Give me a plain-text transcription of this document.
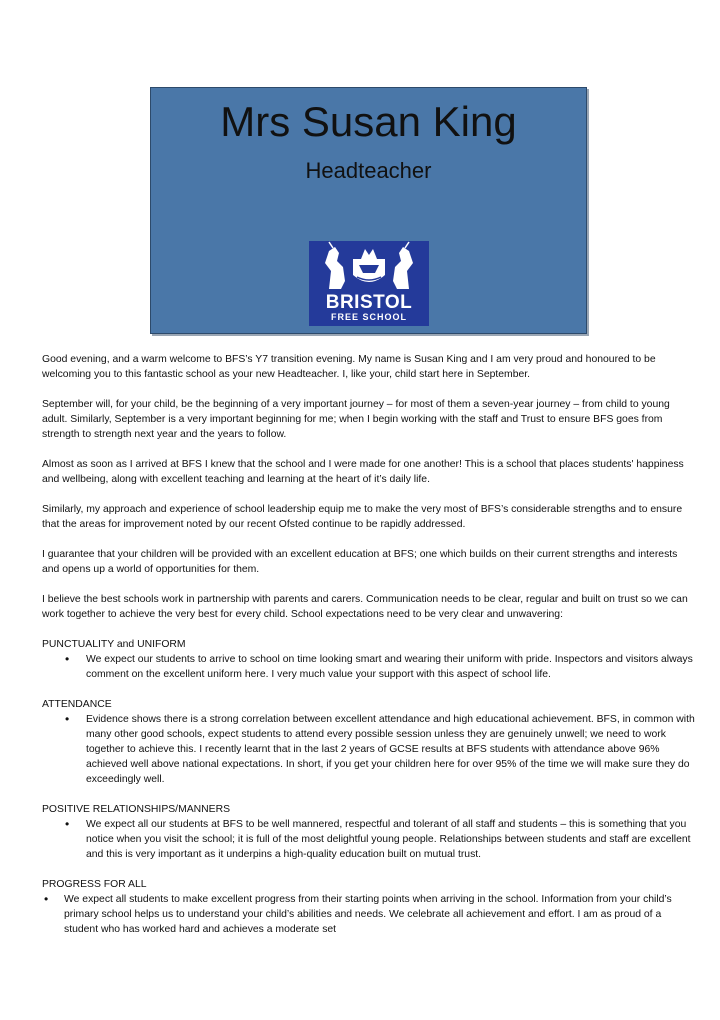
Mrs Susan King
Headteacher
BRISTOL
FREE SCHOOL

Good evening, and a warm welcome to BFS’s Y7 transition evening. My name is Susan King and I am very proud and honoured to be welcoming you to this fantastic school as your new Headteacher. I, like your, child start here in September.

September will, for your child, be the beginning of a very important journey – for most of them a seven-year journey – from child to young adult. Similarly, September is a very important beginning for me; when I begin working with the staff and Trust to ensure BFS goes from strength to strength next year and the years to follow.

Almost as soon as I arrived at BFS I knew that the school and I were made for one another! This is a school that places students' happiness and wellbeing, along with excellent teaching and learning at the heart of it’s daily life.

Similarly, my approach and experience of school leadership equip me to make the very most of BFS’s considerable strengths and to ensure that the areas for improvement noted by our recent Ofsted continue to be rapidly addressed.

I guarantee that your children will be provided with an excellent education at BFS; one which builds on their current strengths and interests and opens up a world of opportunities for them.

I believe the best schools work in partnership with parents and carers. Communication needs to be clear, regular and built on trust so we can work together to achieve the very best for every child. School expectations need to be very clear and unwavering:

PUNCTUALITY and UNIFORM

• We expect our students to arrive to school on time looking smart and wearing their uniform with pride. Inspectors and visitors always comment on the excellent uniform here. I very much value your support with this aspect of school life.

ATTENDANCE

• Evidence shows there is a strong correlation between excellent attendance and high educational achievement. BFS, in common with many other good schools, expect students to attend every possible session unless they are genuinely unwell; we need to work together to achieve this. I recently learnt that in the last 2 years of GCSE results at BFS students with attendance above 96% achieved well above national expectations. In short, if you get your children here for over 95% of the time we will make sure they do exceedingly well.

POSITIVE RELATIONSHIPS/MANNERS

• We expect all our students at BFS to be well mannered, respectful and tolerant of all staff and students – this is something that you notice when you visit the school; it is full of the most delightful young people. Relationships between students and staff are excellent and this is very important as it underpins a high-quality education built on mutual trust.

PROGRESS FOR ALL

• We expect all students to make excellent progress from their starting points when arriving in the school. Information from your child’s primary school helps us to understand your child’s abilities and needs. We celebrate all achievement and effort. I am as proud of a student who has worked hard and achieves a moderate set
